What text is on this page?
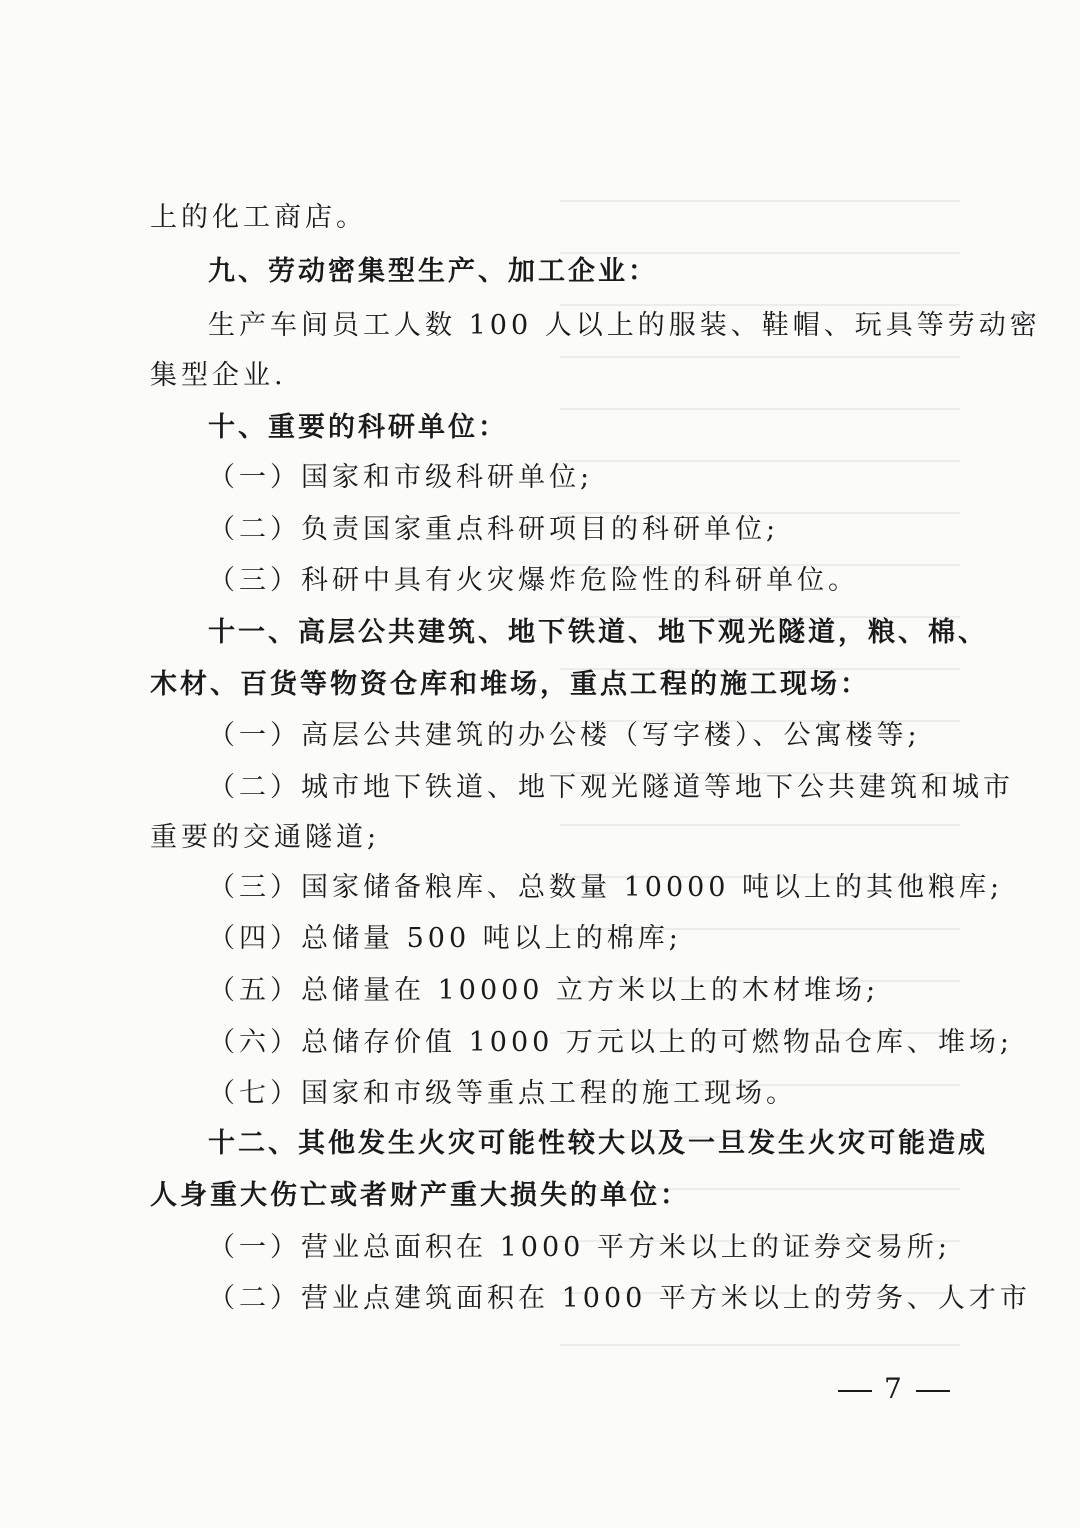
上的化工商店。
九、劳动密集型生产、加工企业：
生产车间员工人数 100 人以上的服装、鞋帽、玩具等劳动密
集型企业.
十、重要的科研单位：
（一）国家和市级科研单位;
（二）负责国家重点科研项目的科研单位;
（三）科研中具有火灾爆炸危险性的科研单位。
十一、高层公共建筑、地下铁道、地下观光隧道，粮、棉、
木材、百货等物资仓库和堆场，重点工程的施工现场：
（一）高层公共建筑的办公楼（写字楼）、公寓楼等;
（二）城市地下铁道、地下观光隧道等地下公共建筑和城市
重要的交通隧道;
（三）国家储备粮库、总数量 10000 吨以上的其他粮库;
（四）总储量 500 吨以上的棉库;
（五）总储量在 10000 立方米以上的木材堆场;
（六）总储存价值 1000 万元以上的可燃物品仓库、堆场;
（七）国家和市级等重点工程的施工现场。
十二、其他发生火灾可能性较大以及一旦发生火灾可能造成
人身重大伤亡或者财产重大损失的单位：
（一）营业总面积在 1000 平方米以上的证券交易所;
（二）营业点建筑面积在 1000 平方米以上的劳务、人才市
7
